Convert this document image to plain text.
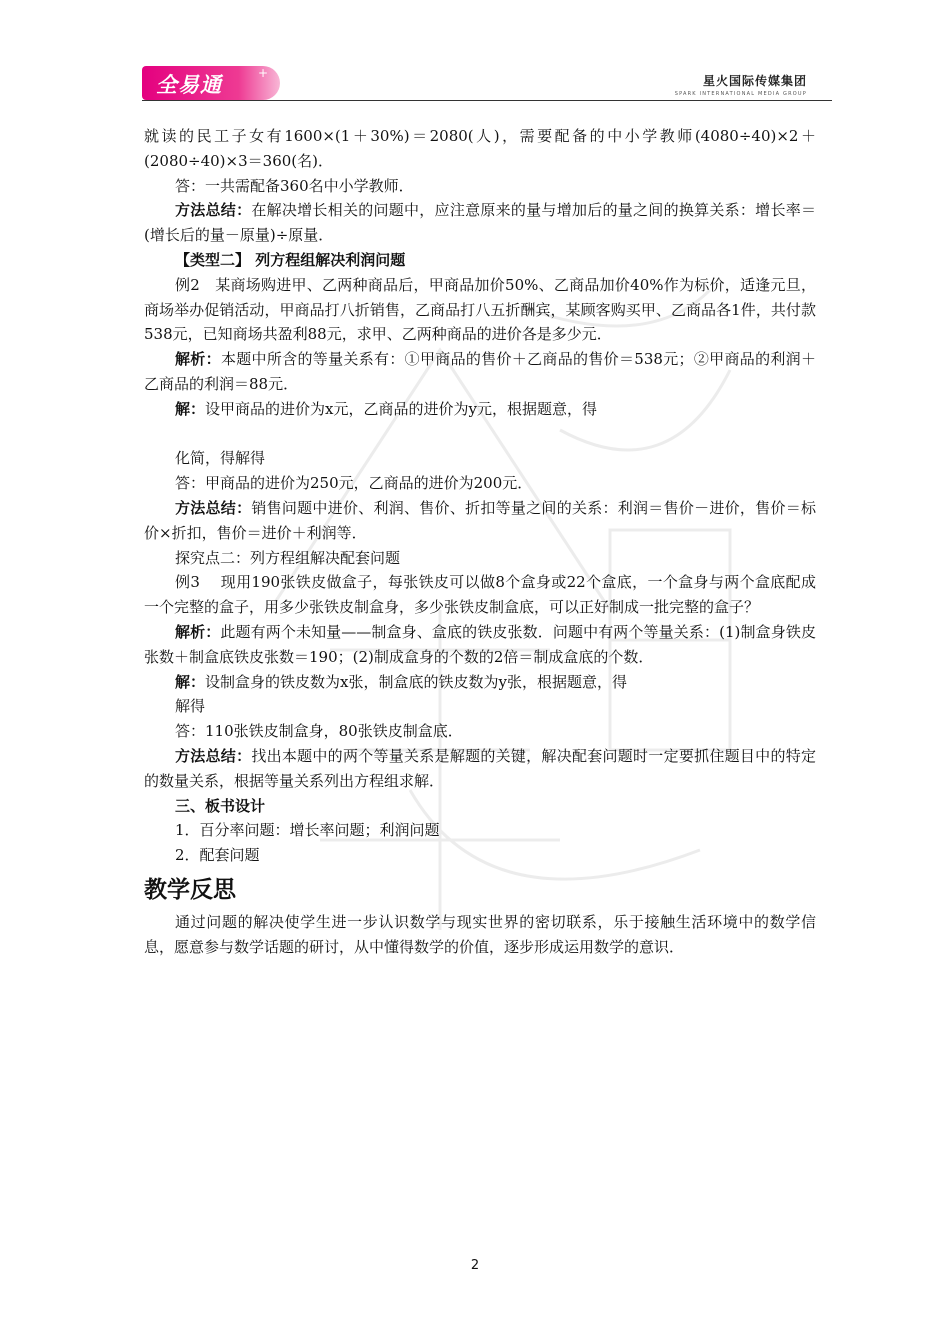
全易通	+
星火国际传媒集团
SPARK INTERNATIONAL MEDIA GROUP

就读的民工子女有1600×(1＋30%)＝2080(人)，需要配备的中小学教师(4080÷40)×2＋(2080÷40)×3＝360(名)．

答：一共需配备360名中小学教师．

方法总结：在解决增长相关的问题中，应注意原来的量与增加后的量之间的换算关系：增长率＝(增长后的量－原量)÷原量．

【类型二】 列方程组解决利润问题

例2　某商场购进甲、乙两种商品后，甲商品加价50%、乙商品加价40%作为标价，适逢元旦，商场举办促销活动，甲商品打八折销售，乙商品打八五折酬宾，某顾客购买甲、乙商品各1件，共付款538元，已知商场共盈利88元，求甲、乙两种商品的进价各是多少元．

解析：本题中所含的等量关系有：①甲商品的售价＋乙商品的售价＝538元；②甲商品的利润＋乙商品的利润＝88元．

解：设甲商品的进价为x元，乙商品的进价为y元，根据题意，得

化简，得解得

答：甲商品的进价为250元，乙商品的进价为200元．

方法总结：销售问题中进价、利润、售价、折扣等量之间的关系：利润＝售价－进价，售价＝标价×折扣，售价＝进价＋利润等．

探究点二：列方程组解决配套问题

例3　 现用190张铁皮做盒子，每张铁皮可以做8个盒身或22个盒底，一个盒身与两个盒底配成一个完整的盒子，用多少张铁皮制盒身，多少张铁皮制盒底，可以正好制成一批完整的盒子？

解析：此题有两个未知量——制盒身、盒底的铁皮张数．问题中有两个等量关系：(1)制盒身铁皮张数＋制盒底铁皮张数＝190；(2)制成盒身的个数的2倍＝制成盒底的个数．

解：设制盒身的铁皮数为x张，制盒底的铁皮数为y张，根据题意，得

解得

答：110张铁皮制盒身，80张铁皮制盒底．

方法总结：找出本题中的两个等量关系是解题的关键，解决配套问题时一定要抓住题目中的特定的数量关系，根据等量关系列出方程组求解．

三、板书设计

1．百分率问题：增长率问题；利润问题

2．配套问题

教学反思

通过问题的解决使学生进一步认识数学与现实世界的密切联系，乐于接触生活环境中的数学信息，愿意参与数学话题的研讨，从中懂得数学的价值，逐步形成运用数学的意识．

2
